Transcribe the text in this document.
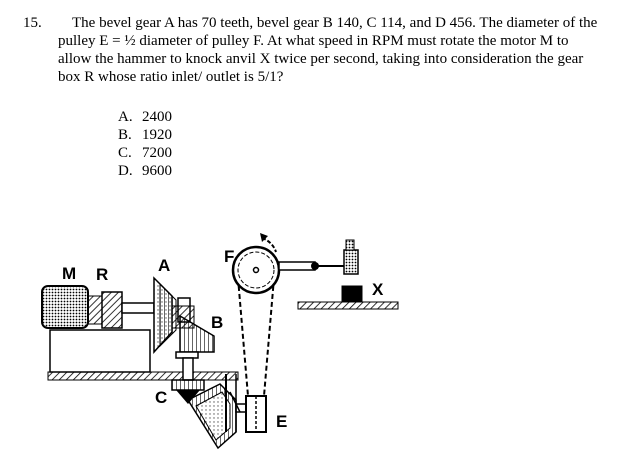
15.	The bevel gear A has 70 teeth, bevel gear B 140, C 114, and D 456. The diameter of the pulley E = ½ diameter of pulley F. At what speed in RPM must rotate the motor M to allow the hammer to knock anvil X twice per second, taking into consideration the gear box R whose ratio inlet/ outlet is 5/1?

A. 2400
B. 1920
C. 7200
D. 9600
M R	A
B
C
F
E
X
